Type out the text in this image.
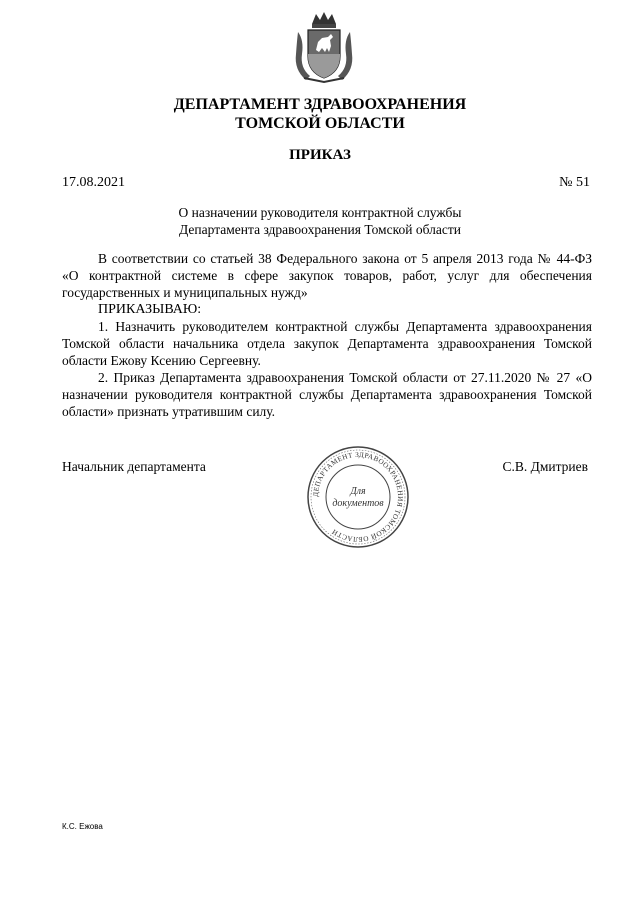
ДЕПАРТАМЕНТ ЗДРАВООХРАНЕНИЯ
ТОМСКОЙ ОБЛАСТИ
ПРИКАЗ
17.08.2021	№ 51
О назначении руководителя контрактной службы
Департамента здравоохранения Томской области

В соответствии со статьей 38 Федерального закона от 5 апреля 2013 года № 44-ФЗ «О контрактной системе в сфере закупок товаров, работ, услуг для обеспечения государственных и муниципальных нужд»

ПРИКАЗЫВАЮ:

1. Назначить руководителем контрактной службы Департамента здравоохранения Томской области начальника отдела закупок Департамента здравоохранения Томской области Ежову Ксению Сергеевну.

2. Приказ Департамента здравоохранения Томской области от 27.11.2020 № 27 «О назначении руководителя контрактной службы Департамента здравоохранения Томской области» признать утратившим силу.

Начальник департамента	С.В. Дмитриев
ДЕПАРТАМЕНТ ЗДРАВООХРАНЕНИЯ ТОМСКОЙ ОБЛАСТИ
Для
документов
К.С. Ежова
